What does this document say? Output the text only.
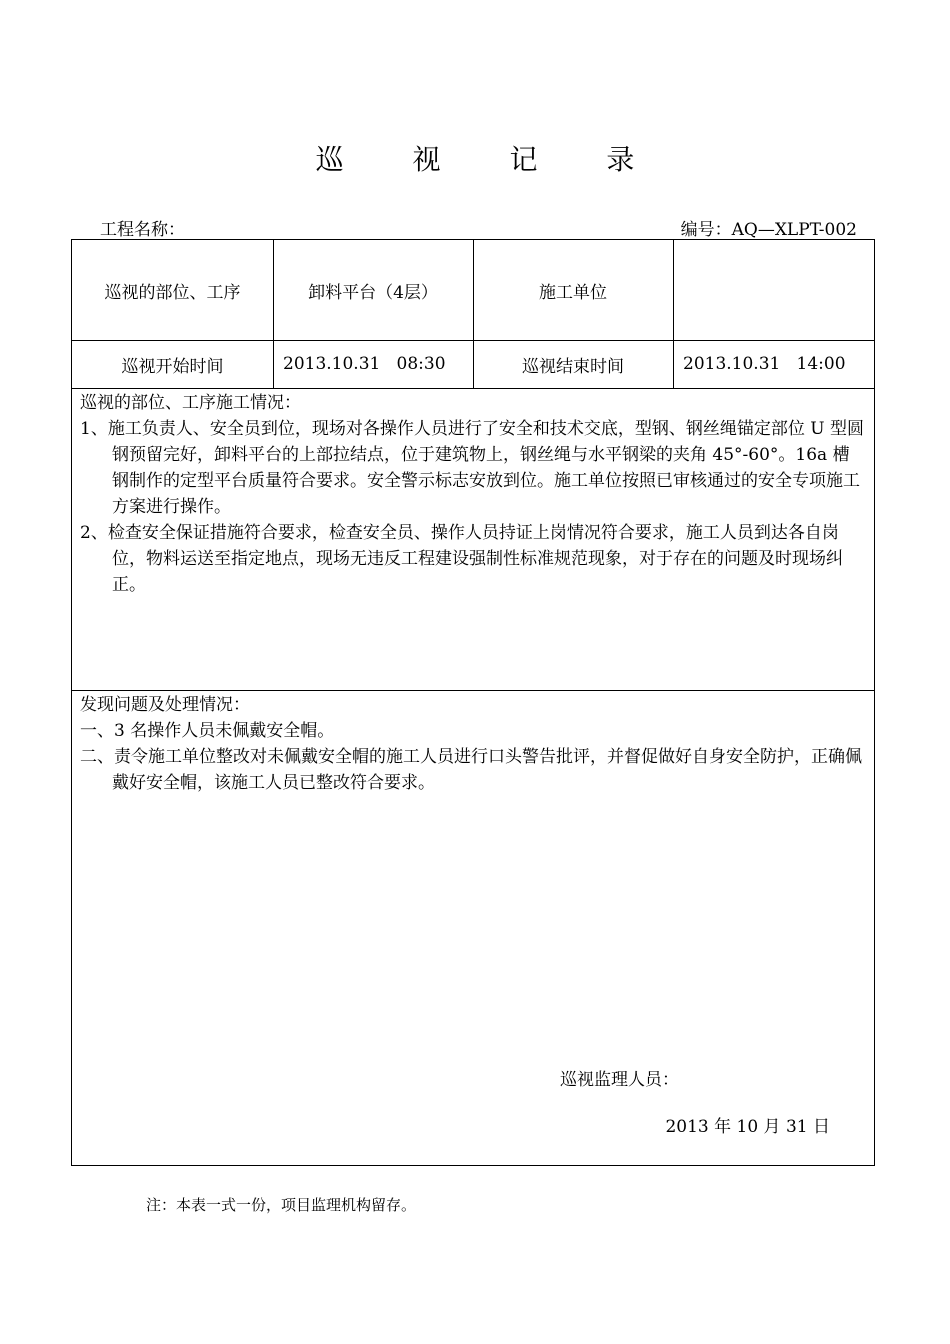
巡 视 记 录
工程名称：	编号：AQ—XLPT-002
巡视的部位、工序	卸料平台（4层）	施工单位
巡视开始时间	2013.10.31   08:30	巡视结束时间	2013.10.31   14:00
巡视的部位、工序施工情况：
1、施工负责人、安全员到位，现场对各操作人员进行了安全和技术交底，型钢、钢丝绳锚定部位 U 型圆钢预留完好，卸料平台的上部拉结点，位于建筑物上，钢丝绳与水平钢梁的夹角 45°-60°。16a 槽钢制作的定型平台质量符合要求。安全警示标志安放到位。施工单位按照已审核通过的安全专项施工方案进行操作。
2、检查安全保证措施符合要求，检查安全员、操作人员持证上岗情况符合要求，施工人员到达各自岗位，物料运送至指定地点，现场无违反工程建设强制性标准规范现象，对于存在的问题及时现场纠正。
发现问题及处理情况：
一、3 名操作人员未佩戴安全帽。
二、责令施工单位整改对未佩戴安全帽的施工人员进行口头警告批评，并督促做好自身安全防护，正确佩戴好安全帽，该施工人员已整改符合要求。
巡视监理人员：
2013 年 10 月 31 日
注：本表一式一份，项目监理机构留存。
